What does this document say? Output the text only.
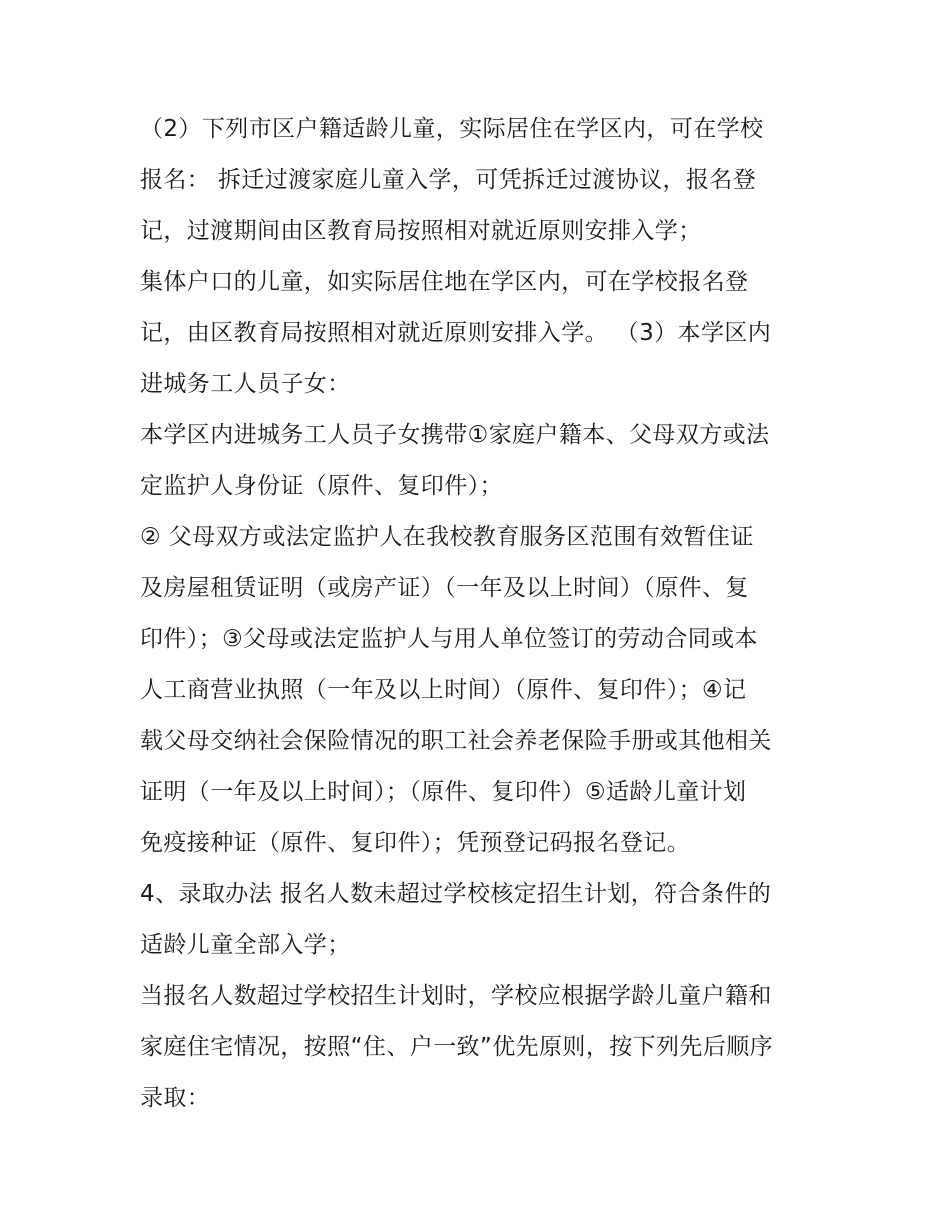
（2）下列市区户籍适龄儿童，实际居住在学区内，可在学校
报名： 拆迁过渡家庭儿童入学，可凭拆迁过渡协议，报名登
记，过渡期间由区教育局按照相对就近原则安排入学；
集体户口的儿童，如实际居住地在学区内，可在学校报名登
记，由区教育局按照相对就近原则安排入学。 （3）本学区内
进城务工人员子女：
本学区内进城务工人员子女携带①家庭户籍本、父母双方或法
定监护人身份证（原件、复印件）；
② 父母双方或法定监护人在我校教育服务区范围有效暂住证
及房屋租赁证明（或房产证）（一年及以上时间）（原件、复
印件）；③父母或法定监护人与用人单位签订的劳动合同或本
人工商营业执照（一年及以上时间）（原件、复印件）；④记
载父母交纳社会保险情况的职工社会养老保险手册或其他相关
证明（一年及以上时间）；（原件、复印件）⑤适龄儿童计划
免疫接种证（原件、复印件）；凭预登记码报名登记。
4、录取办法 报名人数未超过学校核定招生计划，符合条件的
适龄儿童全部入学；
当报名人数超过学校招生计划时，学校应根据学龄儿童户籍和
家庭住宅情况，按照“住、户一致”优先原则，按下列先后顺序
录取：
